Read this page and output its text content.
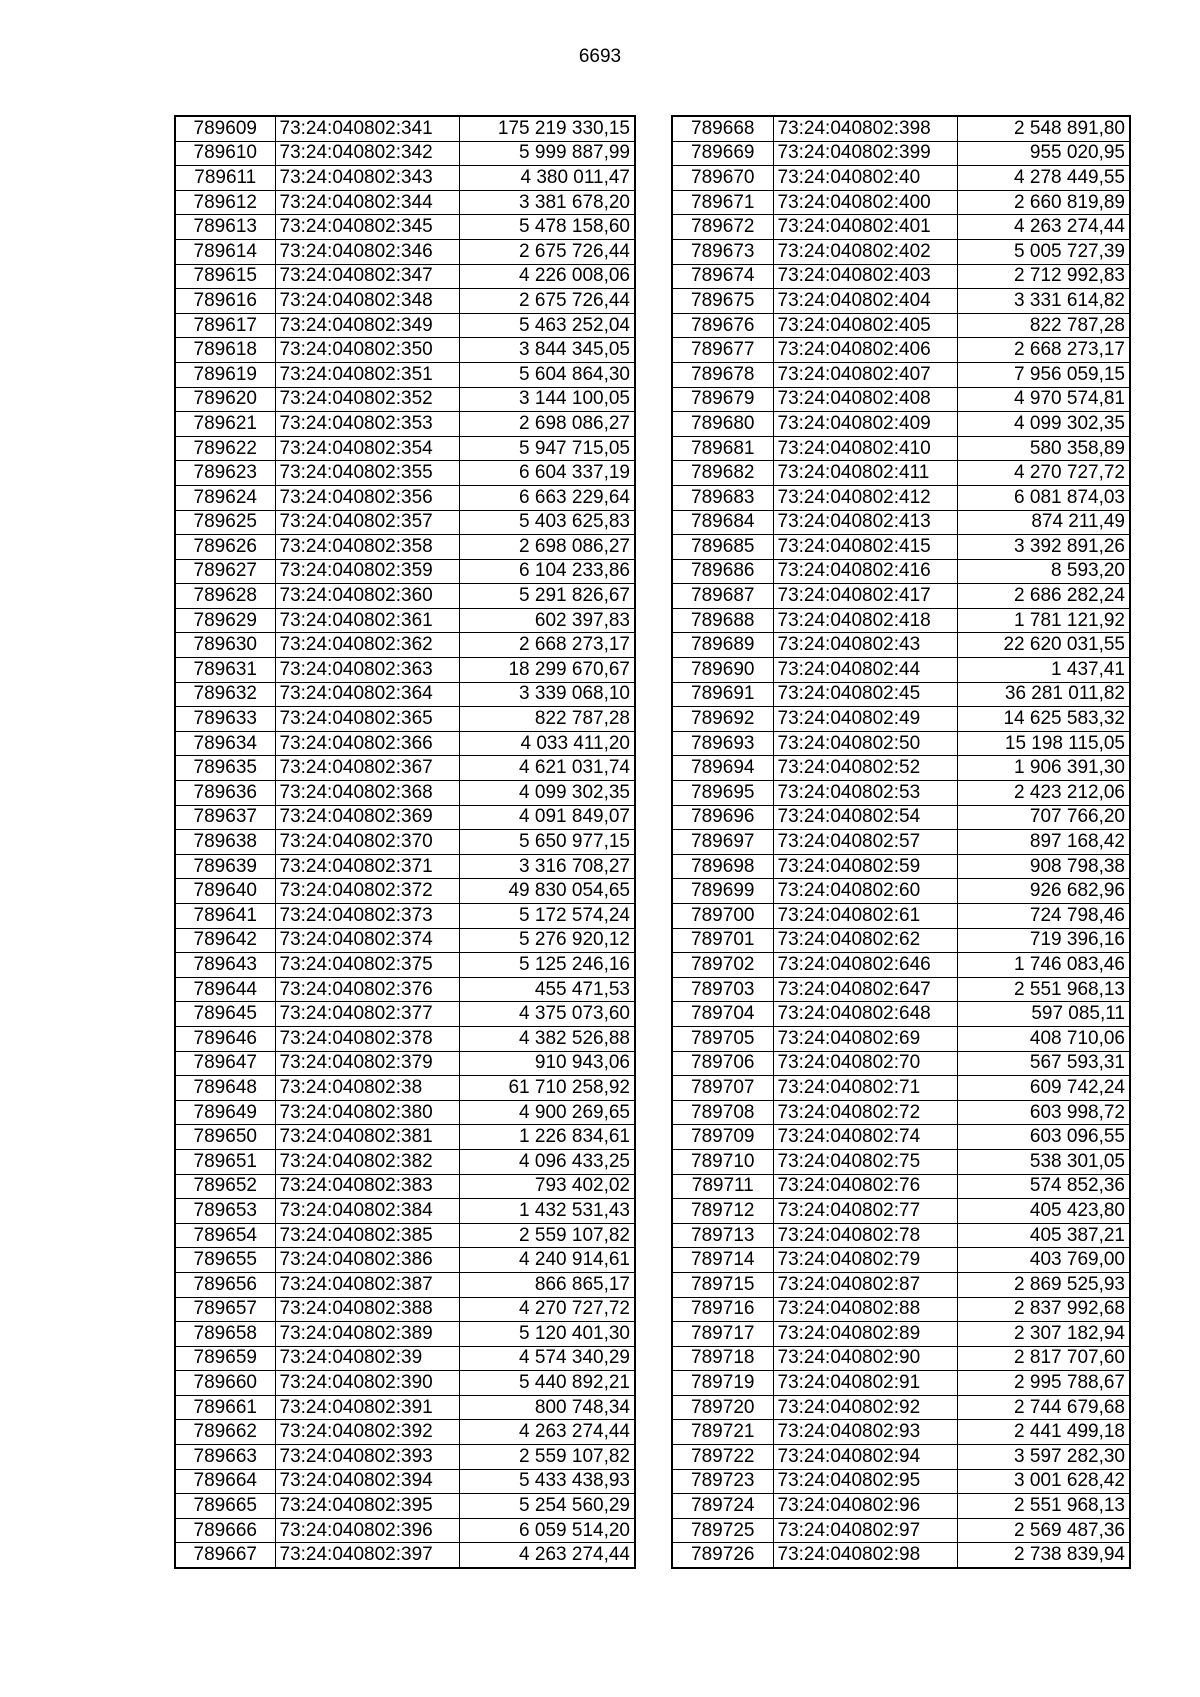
6693
789609	73:24:040802:341	175 219 330,15
789610	73:24:040802:342	5 999 887,99
789611	73:24:040802:343	4 380 011,47
789612	73:24:040802:344	3 381 678,20
789613	73:24:040802:345	5 478 158,60
789614	73:24:040802:346	2 675 726,44
789615	73:24:040802:347	4 226 008,06
789616	73:24:040802:348	2 675 726,44
789617	73:24:040802:349	5 463 252,04
789618	73:24:040802:350	3 844 345,05
789619	73:24:040802:351	5 604 864,30
789620	73:24:040802:352	3 144 100,05
789621	73:24:040802:353	2 698 086,27
789622	73:24:040802:354	5 947 715,05
789623	73:24:040802:355	6 604 337,19
789624	73:24:040802:356	6 663 229,64
789625	73:24:040802:357	5 403 625,83
789626	73:24:040802:358	2 698 086,27
789627	73:24:040802:359	6 104 233,86
789628	73:24:040802:360	5 291 826,67
789629	73:24:040802:361	602 397,83
789630	73:24:040802:362	2 668 273,17
789631	73:24:040802:363	18 299 670,67
789632	73:24:040802:364	3 339 068,10
789633	73:24:040802:365	822 787,28
789634	73:24:040802:366	4 033 411,20
789635	73:24:040802:367	4 621 031,74
789636	73:24:040802:368	4 099 302,35
789637	73:24:040802:369	4 091 849,07
789638	73:24:040802:370	5 650 977,15
789639	73:24:040802:371	3 316 708,27
789640	73:24:040802:372	49 830 054,65
789641	73:24:040802:373	5 172 574,24
789642	73:24:040802:374	5 276 920,12
789643	73:24:040802:375	5 125 246,16
789644	73:24:040802:376	455 471,53
789645	73:24:040802:377	4 375 073,60
789646	73:24:040802:378	4 382 526,88
789647	73:24:040802:379	910 943,06
789648	73:24:040802:38	61 710 258,92
789649	73:24:040802:380	4 900 269,65
789650	73:24:040802:381	1 226 834,61
789651	73:24:040802:382	4 096 433,25
789652	73:24:040802:383	793 402,02
789653	73:24:040802:384	1 432 531,43
789654	73:24:040802:385	2 559 107,82
789655	73:24:040802:386	4 240 914,61
789656	73:24:040802:387	866 865,17
789657	73:24:040802:388	4 270 727,72
789658	73:24:040802:389	5 120 401,30
789659	73:24:040802:39	4 574 340,29
789660	73:24:040802:390	5 440 892,21
789661	73:24:040802:391	800 748,34
789662	73:24:040802:392	4 263 274,44
789663	73:24:040802:393	2 559 107,82
789664	73:24:040802:394	5 433 438,93
789665	73:24:040802:395	5 254 560,29
789666	73:24:040802:396	6 059 514,20
789667	73:24:040802:397	4 263 274,44
789668	73:24:040802:398	2 548 891,80
789669	73:24:040802:399	955 020,95
789670	73:24:040802:40	4 278 449,55
789671	73:24:040802:400	2 660 819,89
789672	73:24:040802:401	4 263 274,44
789673	73:24:040802:402	5 005 727,39
789674	73:24:040802:403	2 712 992,83
789675	73:24:040802:404	3 331 614,82
789676	73:24:040802:405	822 787,28
789677	73:24:040802:406	2 668 273,17
789678	73:24:040802:407	7 956 059,15
789679	73:24:040802:408	4 970 574,81
789680	73:24:040802:409	4 099 302,35
789681	73:24:040802:410	580 358,89
789682	73:24:040802:411	4 270 727,72
789683	73:24:040802:412	6 081 874,03
789684	73:24:040802:413	874 211,49
789685	73:24:040802:415	3 392 891,26
789686	73:24:040802:416	8 593,20
789687	73:24:040802:417	2 686 282,24
789688	73:24:040802:418	1 781 121,92
789689	73:24:040802:43	22 620 031,55
789690	73:24:040802:44	1 437,41
789691	73:24:040802:45	36 281 011,82
789692	73:24:040802:49	14 625 583,32
789693	73:24:040802:50	15 198 115,05
789694	73:24:040802:52	1 906 391,30
789695	73:24:040802:53	2 423 212,06
789696	73:24:040802:54	707 766,20
789697	73:24:040802:57	897 168,42
789698	73:24:040802:59	908 798,38
789699	73:24:040802:60	926 682,96
789700	73:24:040802:61	724 798,46
789701	73:24:040802:62	719 396,16
789702	73:24:040802:646	1 746 083,46
789703	73:24:040802:647	2 551 968,13
789704	73:24:040802:648	597 085,11
789705	73:24:040802:69	408 710,06
789706	73:24:040802:70	567 593,31
789707	73:24:040802:71	609 742,24
789708	73:24:040802:72	603 998,72
789709	73:24:040802:74	603 096,55
789710	73:24:040802:75	538 301,05
789711	73:24:040802:76	574 852,36
789712	73:24:040802:77	405 423,80
789713	73:24:040802:78	405 387,21
789714	73:24:040802:79	403 769,00
789715	73:24:040802:87	2 869 525,93
789716	73:24:040802:88	2 837 992,68
789717	73:24:040802:89	2 307 182,94
789718	73:24:040802:90	2 817 707,60
789719	73:24:040802:91	2 995 788,67
789720	73:24:040802:92	2 744 679,68
789721	73:24:040802:93	2 441 499,18
789722	73:24:040802:94	3 597 282,30
789723	73:24:040802:95	3 001 628,42
789724	73:24:040802:96	2 551 968,13
789725	73:24:040802:97	2 569 487,36
789726	73:24:040802:98	2 738 839,94
